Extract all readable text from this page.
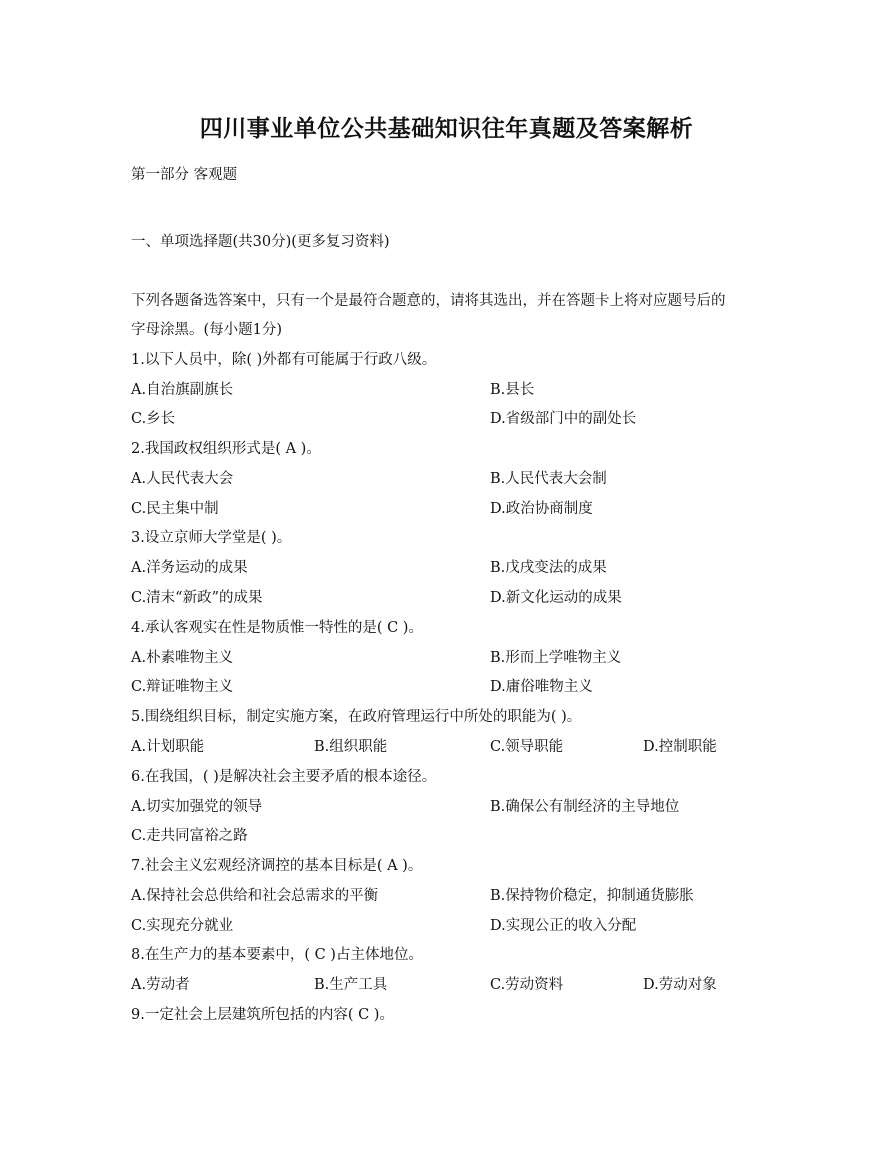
四川事业单位公共基础知识往年真题及答案解析
第一部分 客观题
一、单项选择题(共30分)(更多复习资料)
下列各题备选答案中，只有一个是最符合题意的，请将其选出，并在答题卡上将对应题号后的
字母涂黑。(每小题1分)
1.以下人员中，除( )外都有可能属于行政八级。
A.自治旗副旗长	B.县长
C.乡长	D.省级部门中的副处长
2.我国政权组织形式是( A )。
A.人民代表大会	B.人民代表大会制
C.民主集中制	D.政治协商制度
3.设立京师大学堂是( )。
A.洋务运动的成果	B.戊戌变法的成果
C.清末“新政”的成果	D.新文化运动的成果
4.承认客观实在性是物质惟一特性的是( C )。
A.朴素唯物主义	B.形而上学唯物主义
C.辩证唯物主义	D.庸俗唯物主义
5.围绕组织目标，制定实施方案，在政府管理运行中所处的职能为( )。
A.计划职能	B.组织职能	C.领导职能	D.控制职能
6.在我国，( )是解决社会主要矛盾的根本途径。
A.切实加强党的领导	B.确保公有制经济的主导地位
C.走共同富裕之路
7.社会主义宏观经济调控的基本目标是( A )。
A.保持社会总供给和社会总需求的平衡	B.保持物价稳定，抑制通货膨胀
C.实现充分就业	D.实现公正的收入分配
8.在生产力的基本要素中，( C )占主体地位。
A.劳动者	B.生产工具	C.劳动资料	D.劳动对象
9.一定社会上层建筑所包括的内容( C )。
